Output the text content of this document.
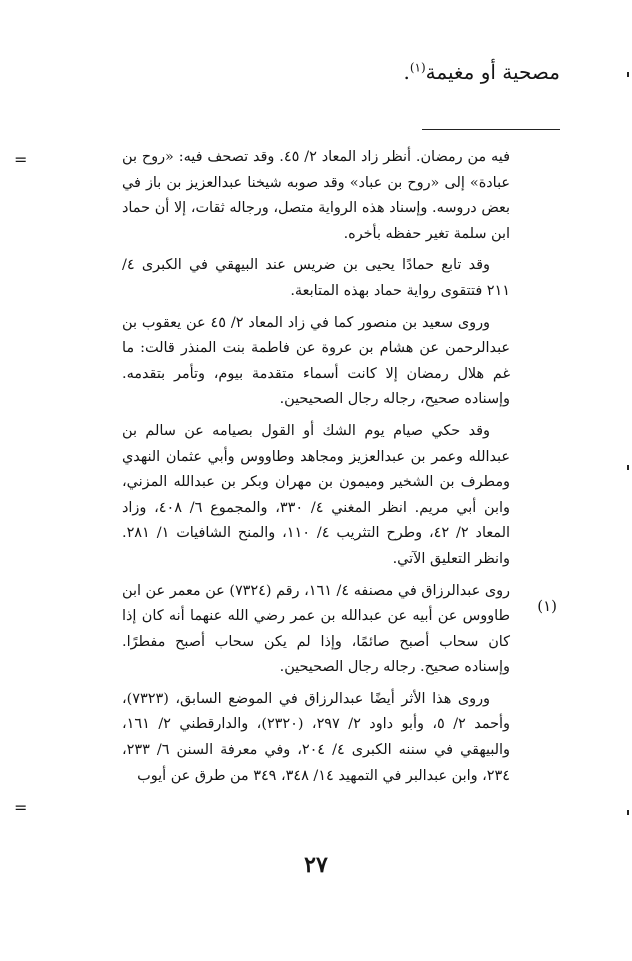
مصحية أو مغيمة$^{(١)}$.
=
=
(١)

فيه من رمضان. أنظر زاد المعاد ٢/ ٤٥. وقد تصحف فيه: «روح بن عبادة» إلى «روح بن عباد» وقد صوبه شيخنا عبدالعزيز بن باز في بعض دروسه. وإسناد هذه الرواية متصل، ورجاله ثقات، إلا أن حماد ابن سلمة تغير حفظه بأخره.

وقد تابع حمادًا يحيى بن ضريس عند البيهقي في الكبرى ٤/ ٢١١ فتتقوى رواية حماد بهذه المتابعة.

وروى سعيد بن منصور كما في زاد المعاد ٢/ ٤٥ عن يعقوب بن عبدالرحمن عن هشام بن عروة عن فاطمة بنت المنذر قالت: ما غم هلال رمضان إلا كانت أسماء متقدمة بيوم، وتأمر بتقدمه. وإسناده صحيح، رجاله رجال الصحيحين.

وقد حكي صيام يوم الشك أو القول بصيامه عن سالم بن عبدالله وعمر بن عبدالعزيز ومجاهد وطاووس وأبي عثمان النهدي ومطرف بن الشخير وميمون بن مهران وبكر بن عبدالله المزني، وابن أبي مريم. انظر المغني ٤/ ٣٣٠، والمجموع ٦/ ٤٠٨، وزاد المعاد ٢/ ٤٢، وطرح التثريب ٤/ ١١٠، والمنح الشافيات ١/ ٢٨١. وانظر التعليق الآتي.

روى عبدالرزاق في مصنفه ٤/ ١٦١، رقم (٧٣٢٤) عن معمر عن ابن طاووس عن أبيه عن عبدالله بن عمر رضي الله عنهما أنه كان إذا كان سحاب أصبح صائمًا، وإذا لم يكن سحاب أصبح مفطرًا. وإسناده صحيح. رجاله رجال الصحيحين.

وروى هذا الأثر أيضًا عبدالرزاق في الموضع السابق، (٧٣٢٣)، وأحمد ٢/ ٥، وأبو داود ٢/ ٢٩٧، (٢٣٢٠)، والدارقطني ٢/ ١٦١، والبيهقي في سننه الكبرى ٤/ ٢٠٤، وفي معرفة السنن ٦/ ٢٣٣، ٢٣٤، وابن عبدالبر في التمهيد ١٤/ ٣٤٨، ٣٤٩ من طرق عن أيوب

٢٧
